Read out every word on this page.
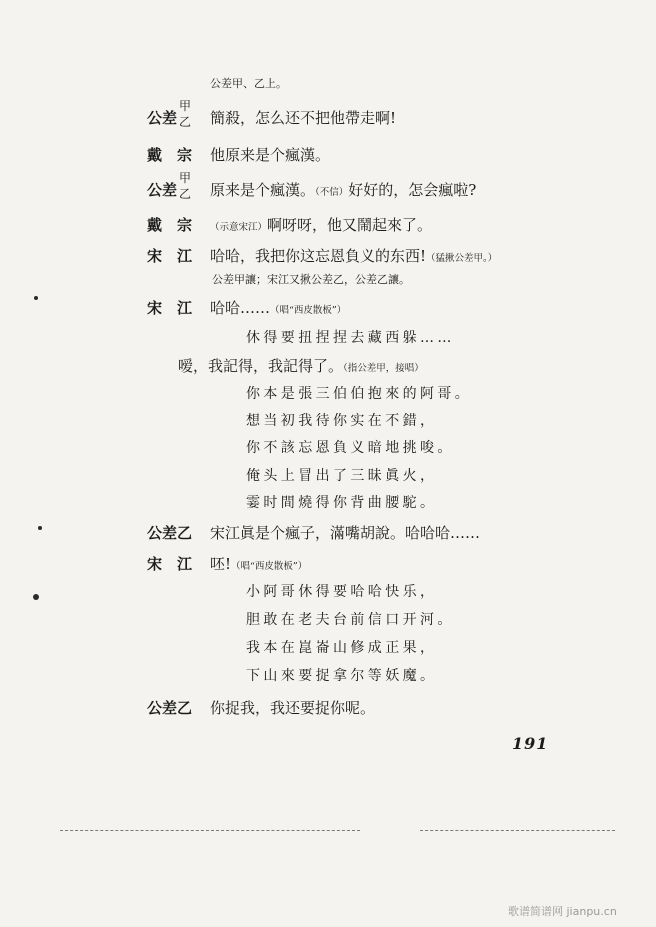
公差甲、乙上。
公差
甲
乙 簡殺，怎么还不把他帶走啊!
戴　宗 他原来是个瘋漢。
公差
甲
乙 原来是个瘋漢。（不信）好好的，怎会瘋啦?
戴　宗 （示意宋江）啊呀呀，他又鬧起來了。
宋　江 哈哈，我把你这忘恩負义的东西!（猛揪公差甲。）
公差甲讓；宋江又揪公差乙，公差乙讓。
宋　江 哈哈……（唱“西皮散板”）
休得要扭捏捏去藏西躲……
嗳，我記得，我記得了。（指公差甲，接唱）
你本是張三伯伯抱來的阿哥。
想当初我待你实在不錯，
你不該忘恩負义暗地挑唆。
俺头上冒出了三昧眞火，
霎时間燒得你背曲腰駝。
公差乙 宋江眞是个瘋子，滿嘴胡說。哈哈哈……
宋　江 呸!（唱“西皮散板”）
小阿哥休得要哈哈快乐，
胆敢在老夫台前信口开河。
我本在崑崙山修成正果，
下山來要捉拿尔等妖魔。
公差乙 你捉我，我还要捉你呢。
191
歌谱简谱网 jianpu.cn
